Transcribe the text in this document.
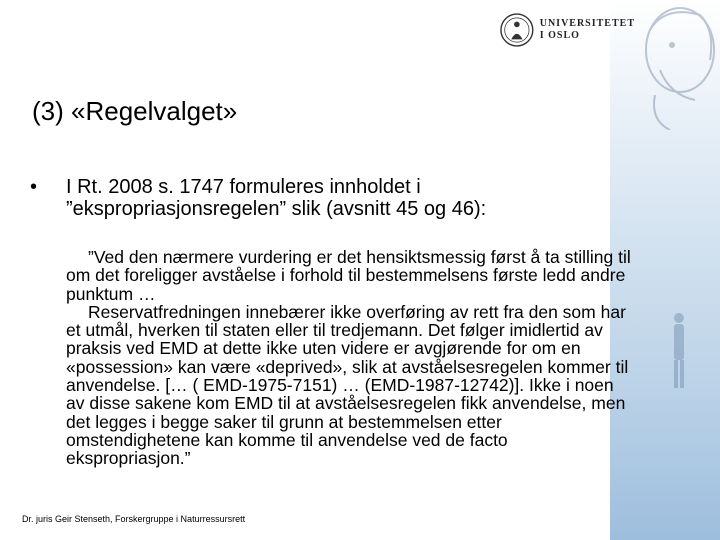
UNIVERSITETET
I OSLO
(3) «Regelvalget»
•	I Rt. 2008 s. 1747 formuleres innholdet i ”ekspropriasjonsregelen” slik (avsnitt 45 og 46):

”Ved den nærmere vurdering er det hensiktsmessig først å ta stilling til om det foreligger avståelse i forhold til bestemmelsens første ledd andre punktum …

Reservatfredningen innebærer ikke overføring av rett fra den som har et utmål, hverken til staten eller til tredjemann. Det følger imidlertid av praksis ved EMD at dette ikke uten videre er avgjørende for om en «possession» kan være «deprived», slik at avståelsesregelen kommer til anvendelse. [… ( EMD-1975-7151) … (EMD-1987-12742)]. Ikke i noen av disse sakene kom EMD til at avståelsesregelen fikk anvendelse, men det legges i begge saker til grunn at bestemmelsen etter omstendighetene kan komme til anvendelse ved de facto ekspropriasjon.”

Dr. juris Geir Stenseth, Forskergruppe i Naturressursrett
